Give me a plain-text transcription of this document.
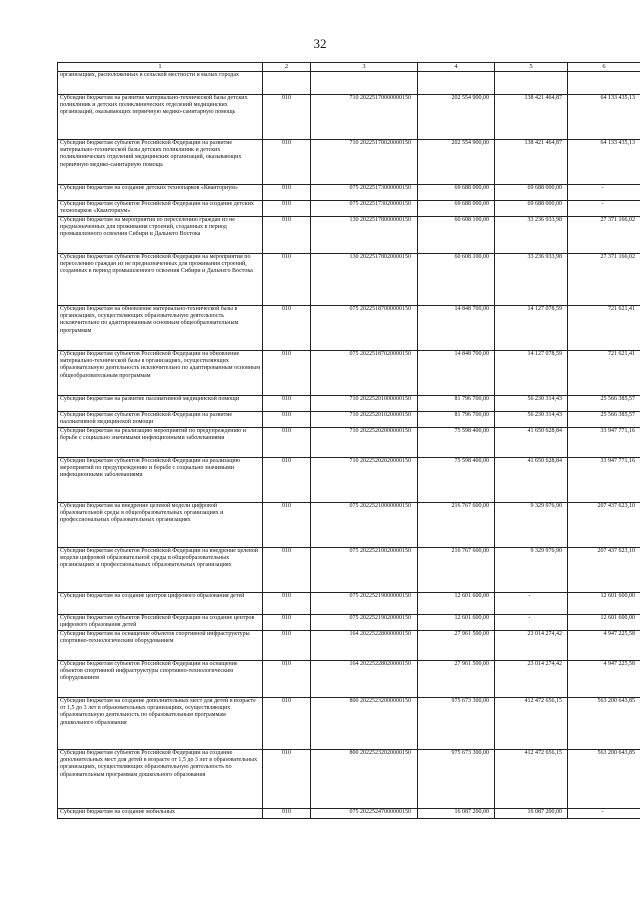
32
1	2	3	4	5	6
организациях, расположенных в сельской местности и малых городах					
Субсидии бюджетам на развитие материально-технической базы детских поликлиник и детских поликлинических отделений медицинских организаций, оказывающих первичную медико-санитарную помощь	010	710 20225170000000150	202 554 900,00	138 421 464,87	64 133 435,13
Субсидии бюджетам субъектов Российской Федерации на развитие материально-технической базы детских поликлиник и детских поликлинических отделений медицинских организаций, оказывающих первичную медико-санитарную помощь	010	710 20225170020000150	202 554 900,00	138 421 464,87	64 133 435,13
Субсидии бюджетам на создание детских технопарков «Кванториум»	010	075 20225173000000150	69 688 000,00	69 688 000,00	-
Субсидии бюджетам субъектов Российской Федерации на создание детских технопарков «Кванториум»	010	075 20225173020000150	69 688 000,00	69 688 000,00	-
Субсидии бюджетам на мероприятия по переселению граждан из не предназначенных для проживания строений, созданных в период промышленного освоения Сибири и Дальнего Востока	010	130 20225178000000150	60 608 100,00	33 236 933,98	27 371 166,02
Субсидии бюджетам субъектов Российской Федерации на мероприятия по переселению граждан из не предназначенных для проживания строений, созданных в период промышленного освоения Сибири и Дальнего Востока	010	130 20225178020000150	60 608 100,00	33 236 933,98	27 371 166,02
Субсидии бюджетам на обновление материально-технической базы в организациях, осуществляющих образовательную деятельность исключительно по адаптированным основным общеобразовательным программам	010	075 20225187000000150	14 848 700,00	14 127 078,59	721 621,41
Субсидии бюджетам субъектов Российской Федерации на обновление материально-технической базы в организациях, осуществляющих образовательную деятельность исключительно по адаптированным основным общеобразовательным программам	010	075 20225187020000150	14 848 700,00	14 127 078,59	721 621,41
Субсидии бюджетам на развитие паллиативной медицинской помощи	010	710 20225201000000150	81 796 700,00	56 230 314,43	25 566 385,57
Субсидии бюджетам субъектов Российской Федерации на развитие паллиативной медицинской помощи	010	710 20225201020000150	81 796 700,00	56 230 314,43	25 566 385,57
Субсидии бюджетам на реализацию мероприятий по предупреждению и борьбе с социально значимыми инфекционными заболеваниями	010	710 20225202000000150	75 598 400,00	41 650 628,84	33 947 771,16
Субсидии бюджетам субъектов Российской Федерации на реализацию мероприятий по предупреждению и борьбе с социально значимыми инфекционными заболеваниями	010	710 20225202020000150	75 598 400,00	41 650 628,84	33 947 771,16
Субсидии бюджетам на внедрение целевой модели цифровой образовательной среды в общеобразовательных организациях и профессиональных образовательных организациях	010	075 20225210000000150	216 767 600,00	9 329 976,90	207 437 623,10
Субсидии бюджетам субъектов Российской Федерации на внедрение целевой модели цифровой образовательной среды в общеобразовательных организациях и профессиональных образовательных организациях	010	075 20225210020000150	216 767 600,00	9 329 976,90	207 437 623,10
Субсидии бюджетам на создание центров цифрового образования детей	010	075 20225219000000150	12 601 600,00	-	12 601 600,00
Субсидии бюджетам субъектов Российской Федерации на создание центров цифрового образования детей	010	075 20225219020000150	12 601 600,00	-	12 601 600,00
Субсидии бюджетам на оснащение объектов спортивной инфраструктуры спортивно-технологическим оборудованием	010	164 20225228000000150	27 961 500,00	23 014 274,42	4 947 225,58
Субсидии бюджетам субъектов Российской Федерации на оснащение объектов спортивной инфраструктуры спортивно-технологическим оборудованием	010	164 20225228020000150	27 961 500,00	23 014 274,42	4 947 225,58
Субсидии бюджетам на создание дополнительных мест для детей в возрасте от 1,5 до 3 лет в образовательных организациях, осуществляющих образовательную деятельность по образовательным программам дошкольного образования	010	800 20225232000000150	975 673 300,00	412 472 656,15	563 200 643,85
Субсидии бюджетам субъектов Российской Федерации на создание дополнительных мест для детей в возрасте от 1,5 до 3 лет в образовательных организациях, осуществляющих образовательную деятельность по образовательным программам дошкольного образования	010	800 20225232020000150	975 673 300,00	412 472 656,15	563 200 643,85
Субсидии бюджетам на создание мобильных	010	075 20225247000000150	16 087 200,00	16 087 200,00	-
